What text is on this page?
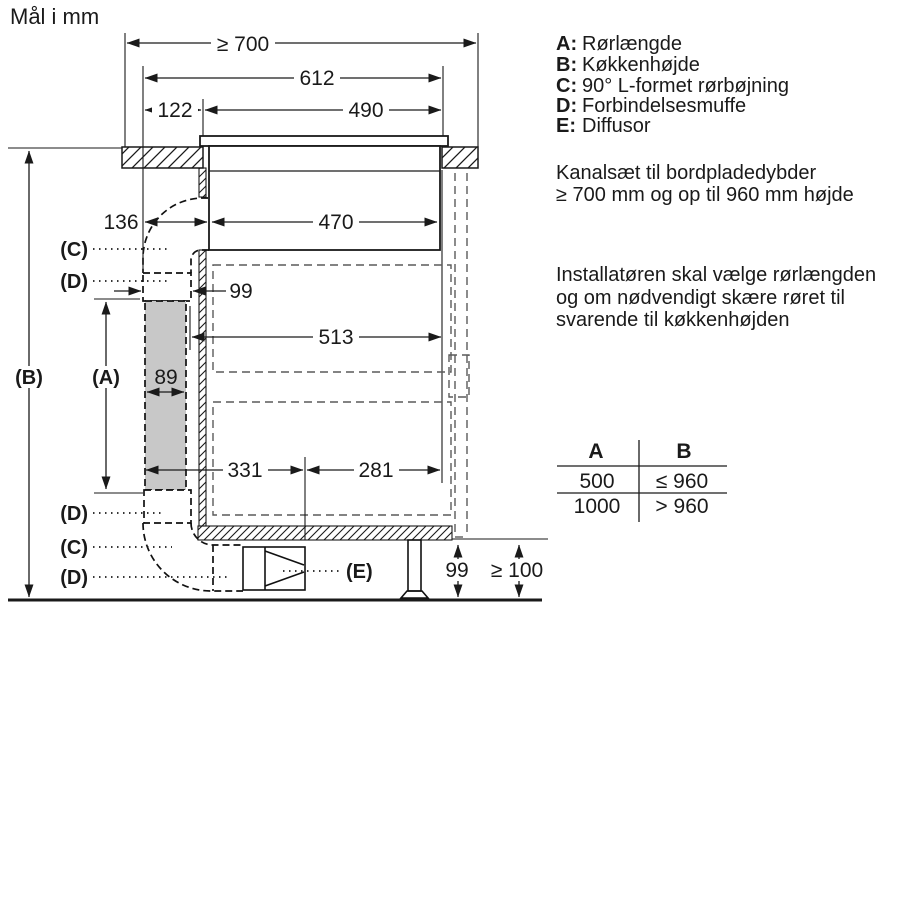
≥ 700
612
122	490
136	470
99
513
89
331	281
99 ≥ 100
(A)
(B)
(C)
(D)
(D)
(C)
(D)	(E)
Mål i mm
A: Rørlængde
B: Køkkenhøjde
C: 90° L-formet rørbøjning
D: Forbindelsesmuffe
E: Diffusor
Kanalsæt til bordpladedybder
≥ 700 mm og op til 960 mm højde
Installatøren skal vælge rørlængden
og om nødvendigt skære røret til
svarende til køkkenhøjden
A	B
500 ≤ 960
1000 > 960
